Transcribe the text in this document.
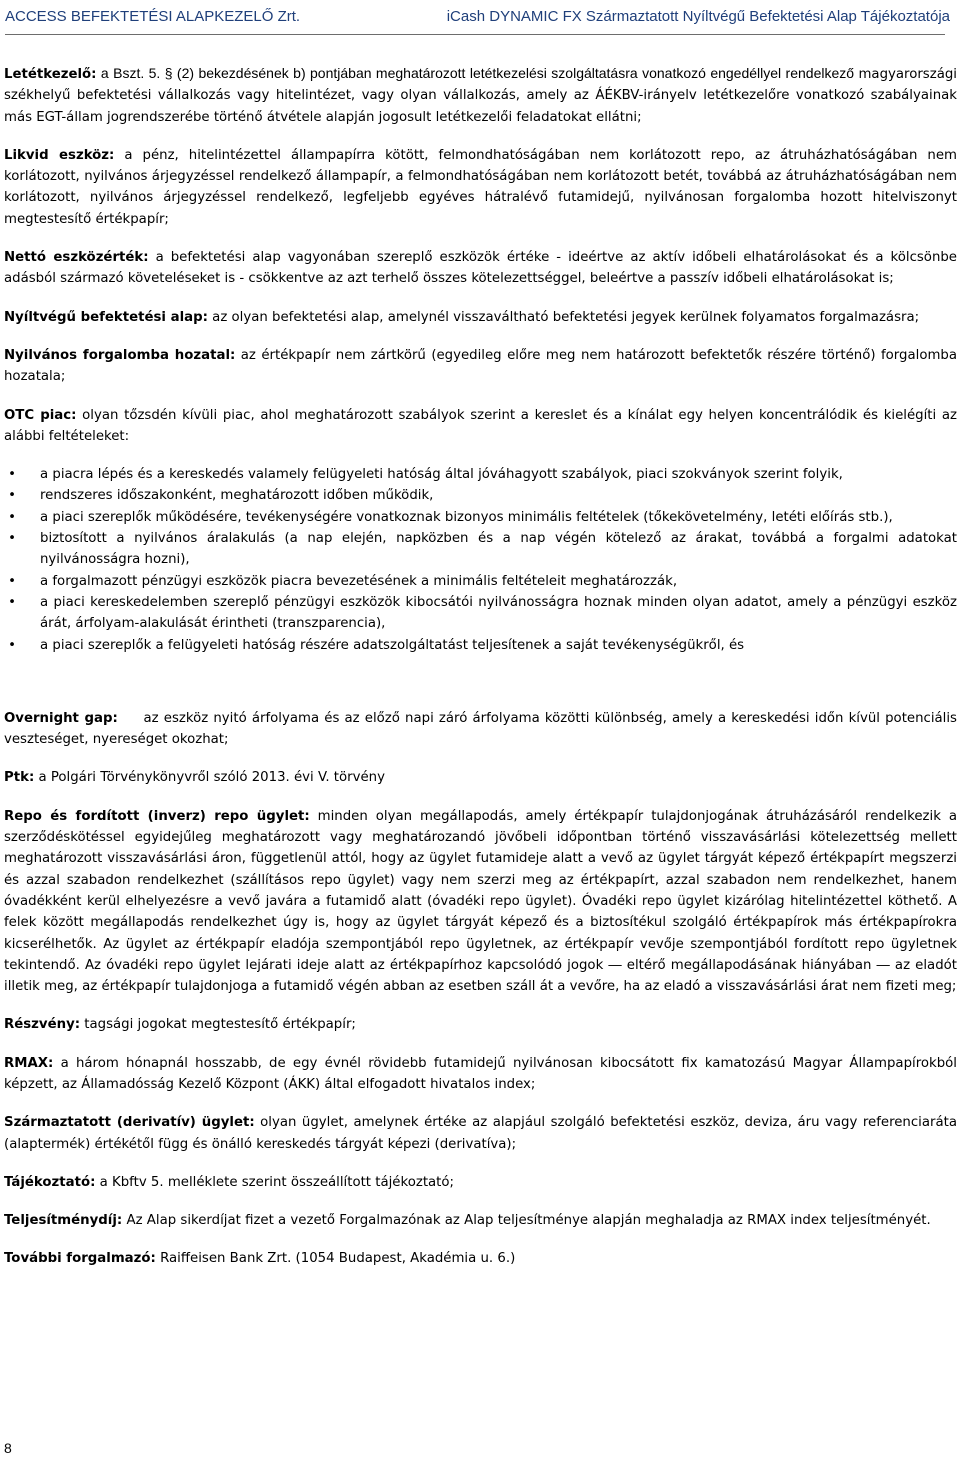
ACCESS BEFEKTETÉSI ALAPKEZELŐ Zrt.	iCash DYNAMIC FX Származtatott Nyíltvégű Befektetési Alap Tájékoztatója

Letétkezelő: a Bszt. 5. § (2) bekezdésének b) pontjában meghatározott letétkezelési szolgáltatásra vonatkozó engedéllyel rendelkező magyarországi székhelyű befektetési vállalkozás vagy hitelintézet, vagy olyan vállalkozás, amely az ÁÉKBV-irányelv letétkezelőre vonatkozó szabályainak más EGT-állam jogrendszerébe történő átvétele alapján jogosult letétkezelői feladatokat ellátni;

Likvid eszköz: a pénz, hitelintézettel állampapírra kötött, felmondhatóságában nem korlátozott repo, az átruházhatóságában nem korlátozott, nyilvános árjegyzéssel rendelkező állampapír, a felmondhatóságában nem korlátozott betét, továbbá az átruházhatóságában nem korlátozott, nyilvános árjegyzéssel rendelkező, legfeljebb egyéves hátralévő futamidejű, nyilvánosan forgalomba hozott hitelviszonyt megtestesítő értékpapír;

Nettó eszközérték: a befektetési alap vagyonában szereplő eszközök értéke - ideértve az aktív időbeli elhatárolásokat és a kölcsönbe adásból származó követeléseket is - csökkentve az azt terhelő összes kötelezettséggel, beleértve a passzív időbeli elhatárolásokat is;

Nyíltvégű befektetési alap: az olyan befektetési alap, amelynél visszaváltható befektetési jegyek kerülnek folyamatos forgalmazásra;

Nyilvános forgalomba hozatal: az értékpapír nem zártkörű (egyedileg előre meg nem határozott befektetők részére történő) forgalomba hozatala;

OTC piac: olyan tőzsdén kívüli piac, ahol meghatározott szabályok szerint a kereslet és a kínálat egy helyen koncentrálódik és kielégíti az alábbi feltételeket:

• a piacra lépés és a kereskedés valamely felügyeleti hatóság által jóváhagyott szabályok, piaci szokványok szerint folyik,
• rendszeres időszakonként, meghatározott időben működik,
• a piaci szereplők működésére, tevékenységére vonatkoznak bizonyos minimális feltételek (tőkekövetelmény, letéti előírás stb.),
• biztosított a nyilvános áralakulás (a nap elején, napközben és a nap végén kötelező az árakat, továbbá a forgalmi adatokat nyilvánosságra hozni),
• a forgalmazott pénzügyi eszközök piacra bevezetésének a minimális feltételeit meghatározzák,
• a piaci kereskedelemben szereplő pénzügyi eszközök kibocsátói nyilvánosságra hoznak minden olyan adatot, amely a pénzügyi eszköz árát, árfolyam-alakulását érintheti (transzparencia),
• a piaci szereplők a felügyeleti hatóság részére adatszolgáltatást teljesítenek a saját tevékenységükről, és

Overnight gap: az eszköz nyitó árfolyama és az előző napi záró árfolyama közötti különbség, amely a kereskedési időn kívül potenciális veszteséget, nyereséget okozhat;

Ptk: a Polgári Törvénykönyvről szóló 2013. évi V. törvény

Repo és fordított (inverz) repo ügylet: minden olyan megállapodás, amely értékpapír tulajdonjogának átruházásáról rendelkezik a szerződéskötéssel egyidejűleg meghatározott vagy meghatározandó jövőbeli időpontban történő visszavásárlási kötelezettség mellett meghatározott visszavásárlási áron, függetlenül attól, hogy az ügylet futamideje alatt a vevő az ügylet tárgyát képező értékpapírt megszerzi és azzal szabadon rendelkezhet (szállításos repo ügylet) vagy nem szerzi meg az értékpapírt, azzal szabadon nem rendelkezhet, hanem óvadékként kerül elhelyezésre a vevő javára a futamidő alatt (óvadéki repo ügylet). Óvadéki repo ügylet kizárólag hitelintézettel köthető. A felek között megállapodás rendelkezhet úgy is, hogy az ügylet tárgyát képező és a biztosítékul szolgáló értékpapírok más értékpapírokra kicserélhetők. Az ügylet az értékpapír eladója szempontjából repo ügyletnek, az értékpapír vevője szempontjából fordított repo ügyletnek tekintendő. Az óvadéki repo ügylet lejárati ideje alatt az értékpapírhoz kapcsolódó jogok ― eltérő megállapodásának hiányában ― az eladót illetik meg, az értékpapír tulajdonjoga a futamidő végén abban az esetben száll át a vevőre, ha az eladó a visszavásárlási árat nem fizeti meg;

Részvény: tagsági jogokat megtestesítő értékpapír;

RMAX: a három hónapnál hosszabb, de egy évnél rövidebb futamidejű nyilvánosan kibocsátott fix kamatozású Magyar Állampapírokból képzett, az Államadósság Kezelő Központ (ÁKK) által elfogadott hivatalos index;

Származtatott (derivatív) ügylet: olyan ügylet, amelynek értéke az alapjául szolgáló befektetési eszköz, deviza, áru vagy referenciaráta (alaptermék) értékétől függ és önálló kereskedés tárgyát képezi (derivatíva);

Tájékoztató: a Kbftv 5. melléklete szerint összeállított tájékoztató;

Teljesítménydíj: Az Alap sikerdíjat fizet a vezető Forgalmazónak az Alap teljesítménye alapján meghaladja az RMAX index teljesítményét.

További forgalmazó: Raiffeisen Bank Zrt. (1054 Budapest, Akadémia u. 6.)

8
